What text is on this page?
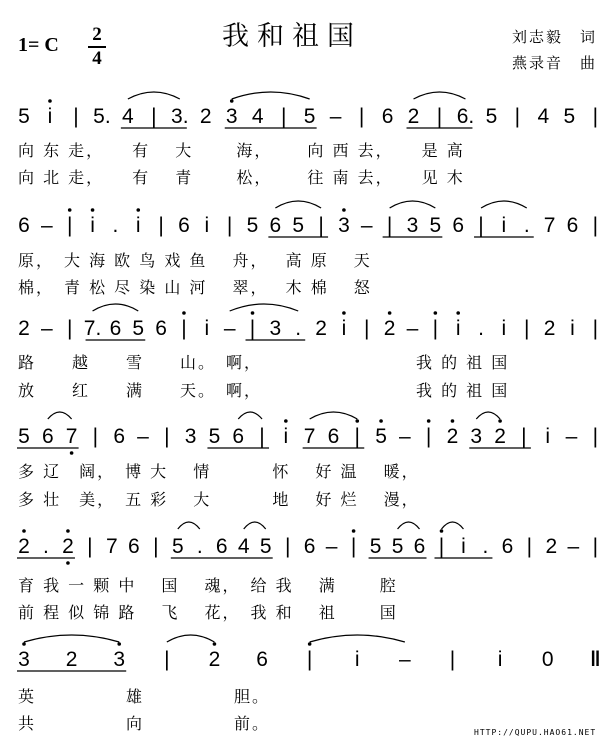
我和祖国
1= C	2
4
刘志毅　词
燕录音　曲
5 i | 5. 4 | 3. 2 3 4 | 5 – | 6 2 | 6. 5 | 4 5 |
6 – | i . i | 6 i | 5 6 5 | 3 – | 3 5 6 | i . 7 6 |
2 – | 7. 6 5 6 | i – | 3 . 2 i | 2 – | i . i | 2 i |
5 6 7 | 6 – | 3 5 6 | i 7 6 | 5 – | 2 3 2 | i – |
2 . 2 | 7 6 | 5 . 6 4 5 | 6 – | 5 5 6 | i . 6 | 2 – |
3 2 3 | 2 6 | i – | i 0 ‖
向 东 走，　　有　 大　　 海，　　 向 西 去，　　是 高
向 北 走，　　有　 青　　 松，　　 往 南 去，　　见 木
原，　大 海 欧 鸟 戏 鱼　 舟，　 高 原　 天
棉，　青 松 尽 染 山 河　 翠，　 木 棉　 怒
路　　越　　雪　　山。　啊，　　　　　　　　　我 的 祖 国
放　　红　　满　　天。　啊，　　　　　　　　　我 的 祖 国
多 辽　阔，　博 大　 情　　　 怀　 好 温　 暖，
多 壮　美，　五 彩　 大　　　 地　 好 烂　 漫，
育 我 一 颗 中　 国　 魂，　给 我　 满　　 腔
前 程 似 锦 路　 飞　 花，　我 和　 祖　　 国
英　　　　　雄　　　　　胆。
共　　　　　向　　　　　前。	HTTP://QUPU.HAO61.NET
